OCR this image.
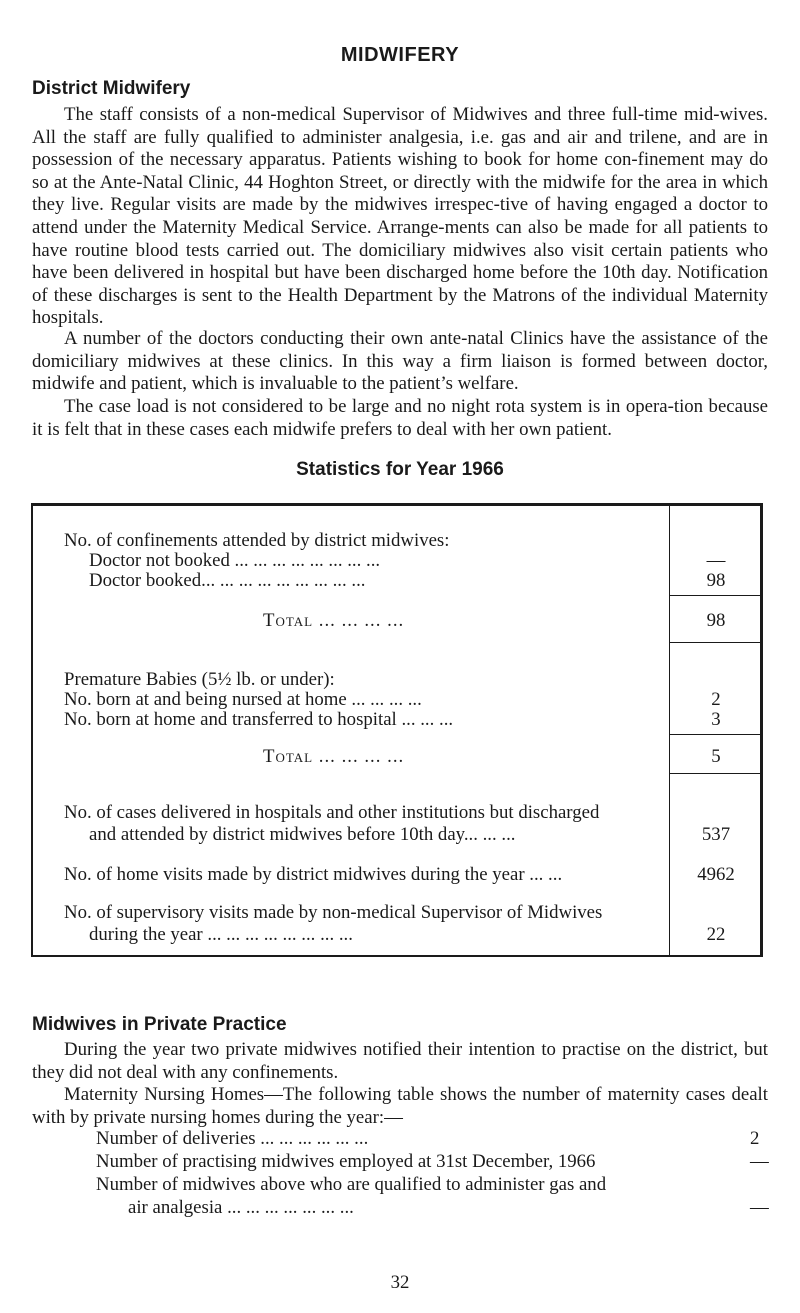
MIDWIFERY
District Midwifery

The staff consists of a non-medical Supervisor of Midwives and three full-time mid-wives. All the staff are fully qualified to administer analgesia, i.e. gas and air and trilene, and are in possession of the necessary apparatus. Patients wishing to book for home con-finement may do so at the Ante-Natal Clinic, 44 Hoghton Street, or directly with the midwife for the area in which they live. Regular visits are made by the midwives irrespec-tive of having engaged a doctor to attend under the Maternity Medical Service. Arrange-ments can also be made for all patients to have routine blood tests carried out. The domiciliary midwives also visit certain patients who have been delivered in hospital but have been discharged home before the 10th day. Notification of these discharges is sent to the Health Department by the Matrons of the individual Maternity hospitals.

A number of the doctors conducting their own ante-natal Clinics have the assistance of the domiciliary midwives at these clinics. In this way a firm liaison is formed between doctor, midwife and patient, which is invaluable to the patient’s welfare.

The case load is not considered to be large and no night rota system is in opera-tion because it is felt that in these cases each midwife prefers to deal with her own patient.

Statistics for Year 1966
No. of confinements attended by district midwives:
Doctor not booked ... ... ... ... ... ... ... ...	—
Doctor booked... ... ... ... ... ... ... ... ...	98
Total ... ... ... ...	98
Premature Babies (5½ lb. or under):
No. born at and being nursed at home ... ... ... ...	2
No. born at home and transferred to hospital ... ... ...	3
Total ... ... ... ...	5
No. of cases delivered in hospitals and other institutions but discharged
and attended by district midwives before 10th day... ... ...	537
No. of home visits made by district midwives during the year ... ...	4962
No. of supervisory visits made by non-medical Supervisor of Midwives
during the year ... ... ... ... ... ... ... ...	22
Midwives in Private Practice

During the year two private midwives notified their intention to practise on the district, but they did not deal with any confinements.

Maternity Nursing Homes—The following table shows the number of maternity cases dealt with by private nursing homes during the year:—

Number of deliveries ... ... ... ... ... ...	2
Number of practising midwives employed at 31st December, 1966	—
Number of midwives above who are qualified to administer gas and
air analgesia ... ... ... ... ... ... ...	—
32
